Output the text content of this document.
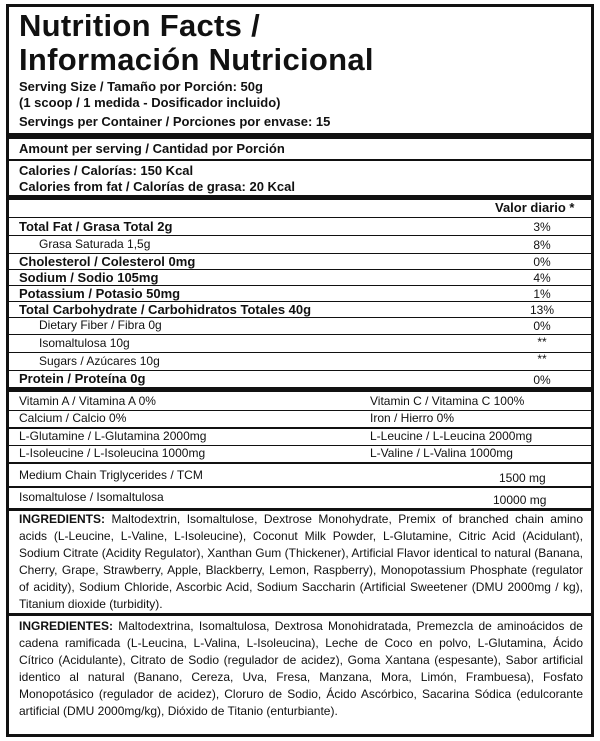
Nutrition Facts /
Información Nutricional
Serving Size / Tamaño por Porción: 50g
(1 scoop / 1 medida - Dosificador incluido)
Servings per Container / Porciones por envase: 15
Amount per serving / Cantidad por Porción
Calories / Calorías: 150 Kcal
Calories from fat / Calorías de grasa: 20 Kcal
Valor diario *
Total Fat / Grasa Total 2g	3%
Grasa Saturada 1,5g	8%
Cholesterol / Colesterol 0mg	0%
Sodium / Sodio 105mg	4%
Potassium / Potasio 50mg	1%
Total Carbohydrate / Carbohidratos Totales 40g	13%
Dietary Fiber / Fibra 0g	0%
Isomaltulosa 10g	**
Sugars / Azúcares 10g	**
Protein / Proteína 0g	0%
Vitamin A / Vitamina A 0%	Vitamin C / Vitamina C 100%
Calcium / Calcio 0%	Iron / Hierro 0%
L-Glutamine / L-Glutamina 2000mg	L-Leucine / L-Leucina 2000mg
L-Isoleucine / L-Isoleucina 1000mg	L-Valine / L-Valina 1000mg
Medium Chain Triglycerides / TCM	1500 mg
Isomaltulose / Isomaltulosa	10000 mg
INGREDIENTS: Maltodextrin, Isomaltulose, Dextrose Monohydrate, Premix of branched chain amino acids (L-Leucine, L-Valine, L-Isoleucine), Coconut Milk Powder, L-Glutamine, Citric Acid (Acidulant), Sodium Citrate (Acidity Regulator), Xanthan Gum (Thickener), Artificial Flavor identical to natural (Banana, Cherry, Grape, Strawberry, Apple, Blackberry, Lemon, Raspberry), Monopotassium Phosphate (regulator of acidity), Sodium Chloride, Ascorbic Acid, Sodium Saccharin (Artificial Sweetener (DMU 2000mg / kg), Titanium dioxide (turbidity).
INGREDIENTES: Maltodextrina, Isomaltulosa, Dextrosa Monohidratada, Premezcla de aminoácidos de cadena ramificada (L-Leucina, L-Valina, L-Isoleucina), Leche de Coco en polvo, L-Glutamina, Ácido Cítrico (Acidulante), Citrato de Sodio (regulador de acidez), Goma Xantana (espesante), Sabor artificial identico al natural (Banano, Cereza, Uva, Fresa, Manzana, Mora, Limón, Frambuesa), Fosfato Monopotásico (regulador de acidez), Cloruro de Sodio, Ácido Ascórbico, Sacarina Sódica (edulcorante artificial (DMU 2000mg/kg), Dióxido de Titanio (enturbiante).
